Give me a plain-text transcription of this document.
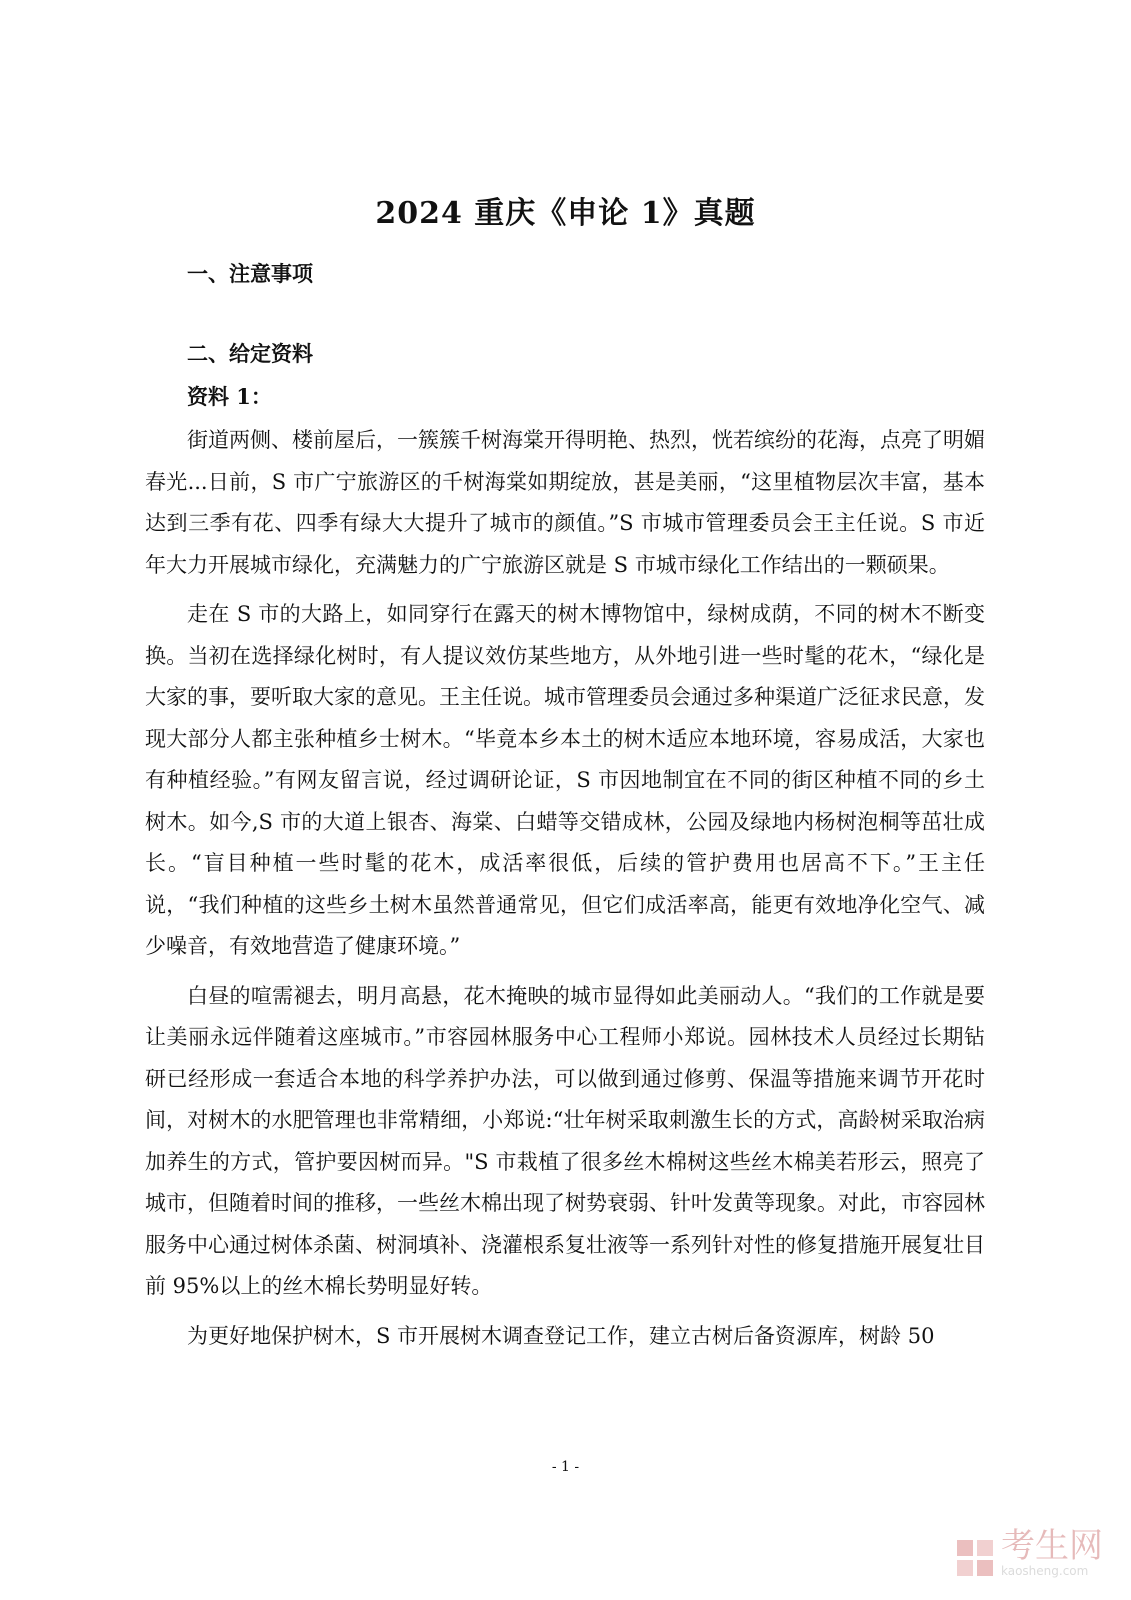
2024 重庆《申论 1》真题
一、注意事项
二、给定资料
资料 1：

街道两侧、楼前屋后，一簇簇千树海棠开得明艳、热烈，恍若缤纷的花海，点亮了明媚春光...日前，S 市广宁旅游区的千树海棠如期绽放，甚是美丽，“这里植物层次丰富，基本达到三季有花、四季有绿大大提升了城市的颜值。”S 市城市管理委员会王主任说。S 市近年大力开展城市绿化，充满魅力的广宁旅游区就是 S 市城市绿化工作结出的一颗硕果。

走在 S 市的大路上，如同穿行在露天的树木博物馆中，绿树成荫，不同的树木不断变换。当初在选择绿化树时，有人提议效仿某些地方，从外地引进一些时髦的花木，“绿化是大家的事，要听取大家的意见。王主任说。城市管理委员会通过多种渠道广泛征求民意，发现大部分人都主张种植乡士树木。“毕竟本乡本土的树木适应本地环境，容易成活，大家也有种植经验。”有网友留言说，经过调研论证，S 市因地制宜在不同的街区种植不同的乡土树木。如今,S 市的大道上银杏、海棠、白蜡等交错成林，公园及绿地内杨树泡桐等茁壮成长。“盲目种植一些时髦的花木，成活率很低，后续的管护费用也居高不下。”王主任说，“我们种植的这些乡土树木虽然普通常见，但它们成活率高，能更有效地净化空气、减少噪音，有效地营造了健康环境。”

白昼的喧需褪去，明月高悬，花木掩映的城市显得如此美丽动人。“我们的工作就是要让美丽永远伴随着这座城市。”市容园林服务中心工程师小郑说。园林技术人员经过长期钻研已经形成一套适合本地的科学养护办法，可以做到通过修剪、保温等措施来调节开花时间，对树木的水肥管理也非常精细，小郑说:“壮年树采取刺激生长的方式，高龄树采取治病加养生的方式，管护要因树而异。"S 市栽植了很多丝木棉树这些丝木棉美若形云，照亮了城市，但随着时间的推移，一些丝木棉出现了树势衰弱、针叶发黄等现象。对此，市容园林服务中心通过树体杀菌、树洞填补、浇灌根系复壮液等一系列针对性的修复措施开展复壮目前 95%以上的丝木棉长势明显好转。

为更好地保护树木，S 市开展树木调查登记工作，建立古树后备资源库，树龄 50

- 1 -
考生网
kaosheng.com
